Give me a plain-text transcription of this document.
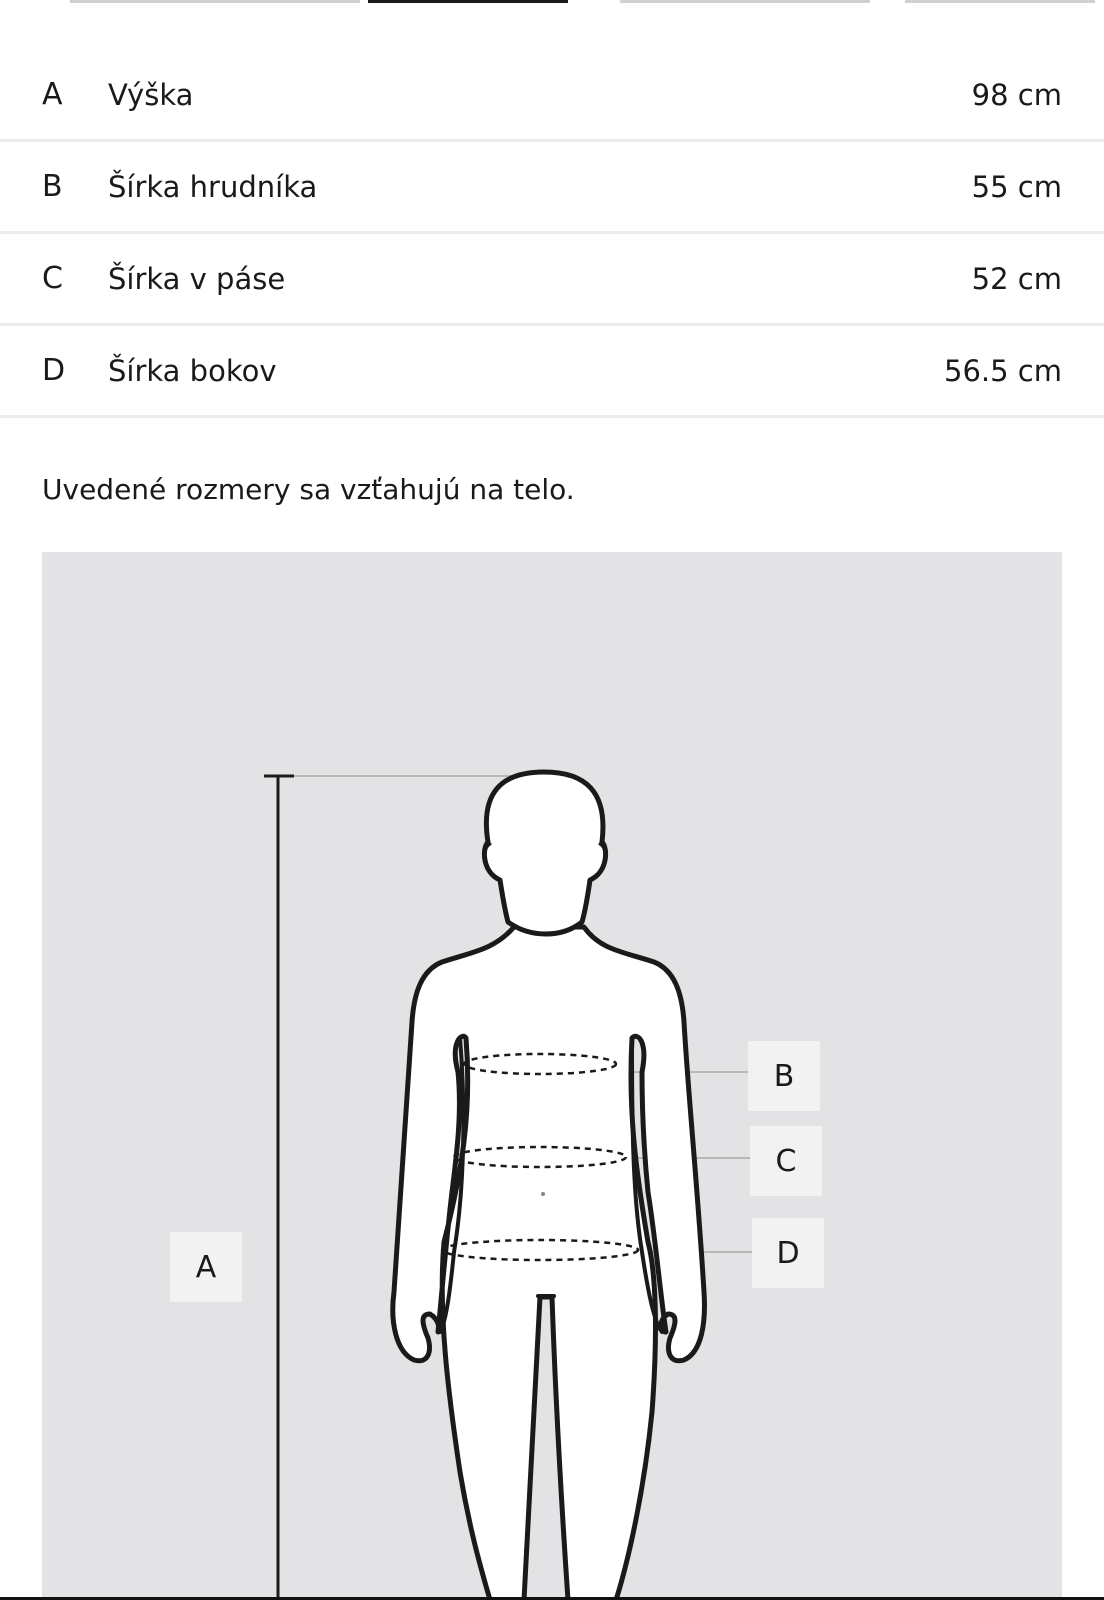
A Výška	98 cm
B Šírka hrudníka	55 cm
C Šírka v páse	52 cm
D Šírka bokov	56.5 cm
Uvedené rozmery sa vzťahujú na telo.
A
B
C
D
